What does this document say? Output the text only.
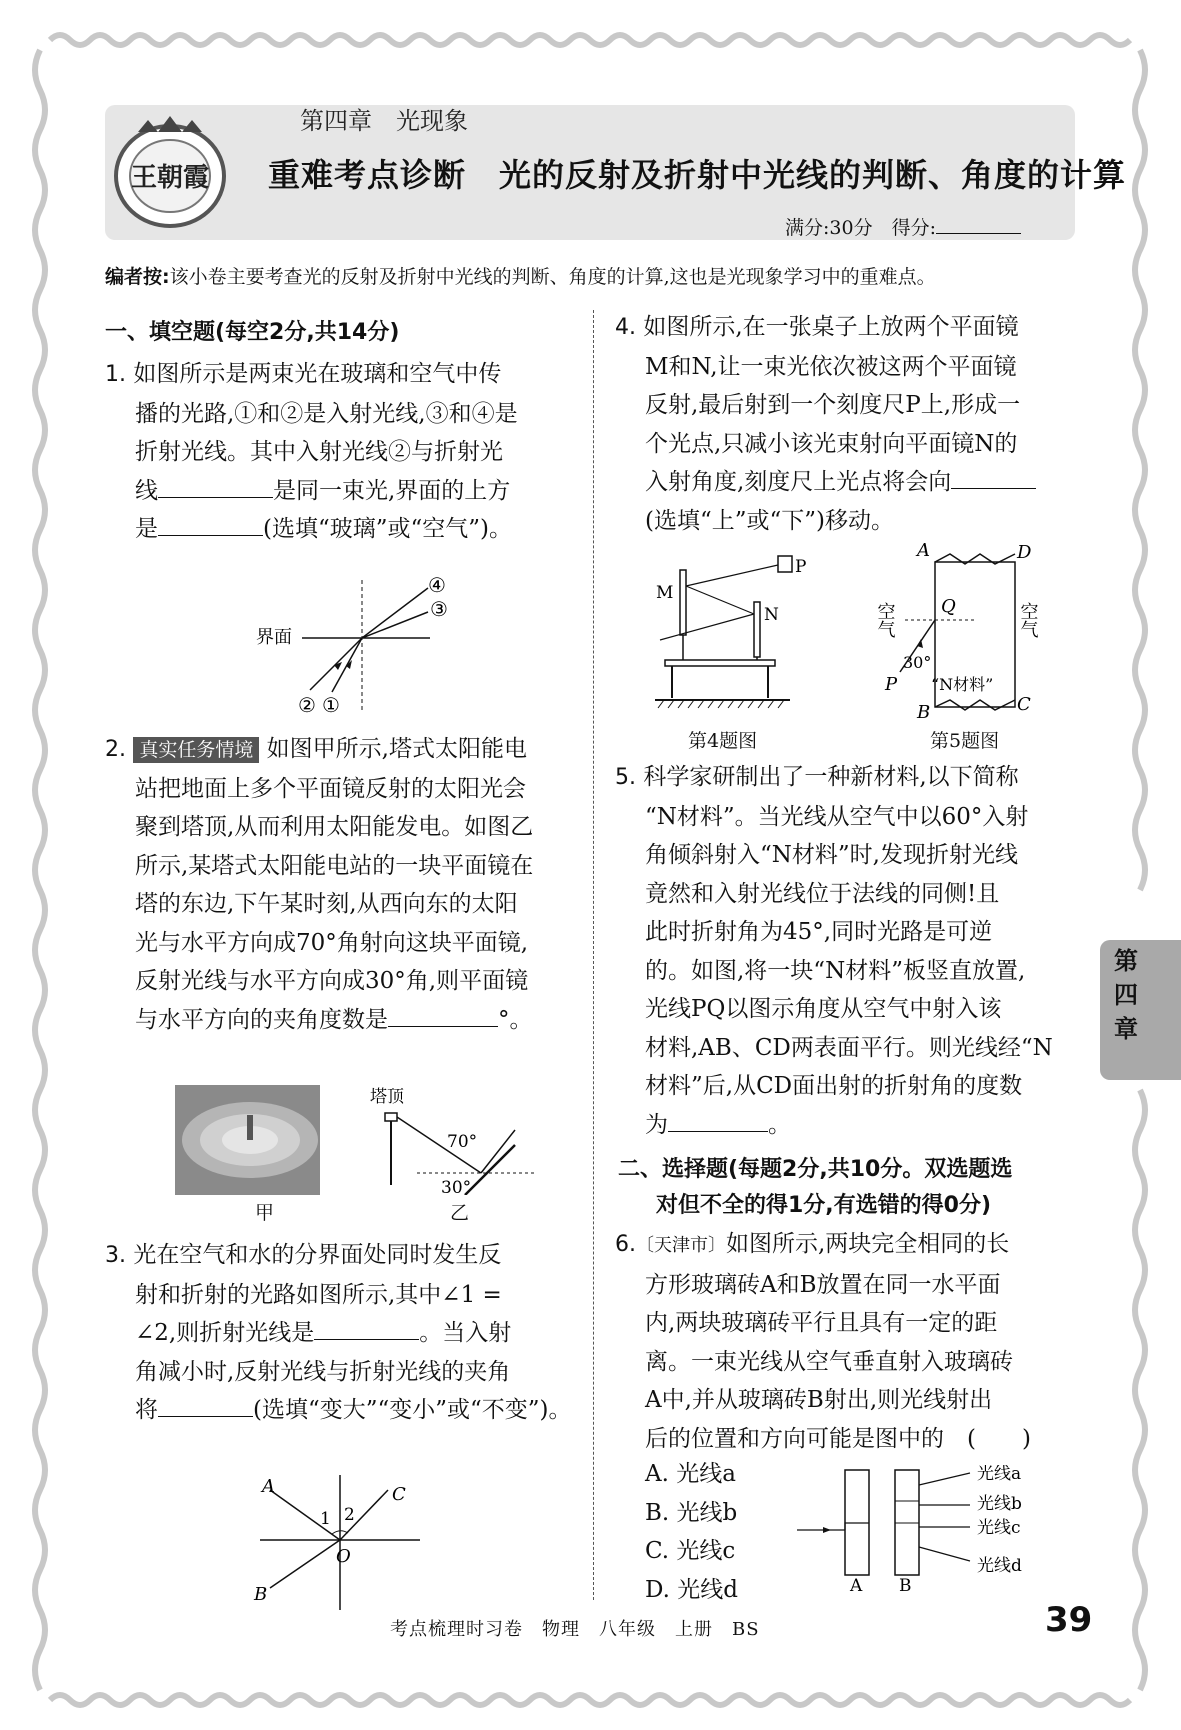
王朝霞
第四章　光现象
重难考点诊断　光的反射及折射中光线的判断、角度的计算
满分:30分　得分:
编者按:该小卷主要考查光的反射及折射中光线的判断、角度的计算,这也是光现象学习中的重难点。
一、填空题(每空2分,共14分)
1. 如图所示是两束光在玻璃和空气中传
播的光路,①和②是入射光线,③和④是
折射光线。其中入射光线②与折射光
线	是同一束光,界面的上方
是	(选填“玻璃”或“空气”)。
界面
④
③
② ①
2. 真实任务情境 如图甲所示,塔式太阳能电
站把地面上多个平面镜反射的太阳光会
聚到塔顶,从而利用太阳能发电。如图乙
所示,某塔式太阳能电站的一块平面镜在
塔的东边,下午某时刻,从西向东的太阳
光与水平方向成70°角射向这块平面镜,
反射光线与水平方向成30°角,则平面镜
与水平方向的夹角度数是	°。
塔顶
70°
30°
甲	乙
3. 光在空气和水的分界面处同时发生反
射和折射的光路如图所示,其中∠1 =
∠2,则折射光线是	。当入射
角减小时,反射光线与折射光线的夹角
将	(选填“变大”“变小”或“不变”)。
A	C
B
O
1 2
4. 如图所示,在一张桌子上放两个平面镜
M和N,让一束光依次被这两个平面镜
反射,最后射到一个刻度尺P上,形成一
个光点,只减小该光束射向平面镜N的
入射角度,刻度尺上光点将会向
(选填“上”或“下”)移动。
M
N
P
第4题图
A	D
B	C
Q
P
30°
“N材料”
空气	空气
第5题图
5. 科学家研制出了一种新材料,以下简称
“N材料”。当光线从空气中以60°入射
角倾斜射入“N材料”时,发现折射光线
竟然和入射光线位于法线的同侧!且
此时折射角为45°,同时光路是可逆
的。如图,将一块“N材料”板竖直放置,
光线PQ以图示角度从空气中射入该
材料,AB、CD两表面平行。则光线经“N
材料”后,从CD面出射的折射角的度数
为	。
二、选择题(每题2分,共10分。双选题选
对但不全的得1分,有选错的得0分)
6.〔天津市〕如图所示,两块完全相同的长
方形玻璃砖A和B放置在同一水平面
内,两块玻璃砖平行且具有一定的距
离。一束光线从空气垂直射入玻璃砖
A中,并从玻璃砖B射出,则光线射出
后的位置和方向可能是图中的　(　　)
A. 光线a
B. 光线b
C. 光线c
D. 光线d
光线a
光线b
光线c
光线d
A B
第四章
考点梳理时习卷　物理　八年级　上册　BS	39
